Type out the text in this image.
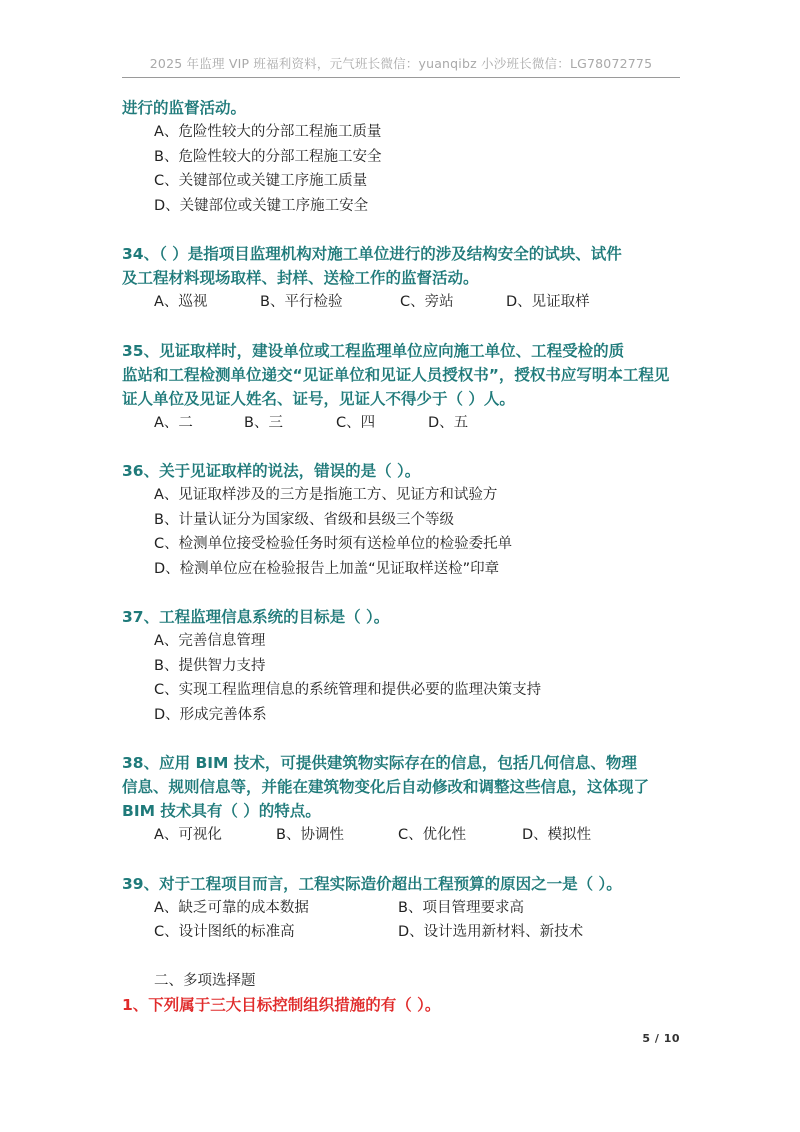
2025 年监理 VIP 班福利资料，元气班长微信：yuanqibz 小沙班长微信：LG78072775

进行的监督活动。

A、危险性较大的分部工程施工质量

B、危险性较大的分部工程施工安全

C、关键部位或关键工序施工质量

D、关键部位或关键工序施工安全

34、（ ）是指项目监理机构对施工单位进行的涉及结构安全的试块、试件

及工程材料现场取样、封样、送检工作的监督活动。

A、巡视	B、平行检验	C、旁站	D、见证取样

35、见证取样时，建设单位或工程监理单位应向施工单位、工程受检的质

监站和工程检测单位递交“见证单位和见证人员授权书”，授权书应写明本工程见

证人单位及见证人姓名、证号，见证人不得少于（ ）人。

A、二	B、三	C、四	D、五

36、关于见证取样的说法，错误的是（ ）。

A、见证取样涉及的三方是指施工方、见证方和试验方

B、计量认证分为国家级、省级和县级三个等级

C、检测单位接受检验任务时须有送检单位的检验委托单

D、检测单位应在检验报告上加盖“见证取样送检”印章

37、工程监理信息系统的目标是（ ）。

A、完善信息管理

B、提供智力支持

C、实现工程监理信息的系统管理和提供必要的监理决策支持

D、形成完善体系

38、应用 BIM 技术，可提供建筑物实际存在的信息，包括几何信息、物理

信息、规则信息等，并能在建筑物变化后自动修改和调整这些信息，这体现了

BIM 技术具有（ ）的特点。

A、可视化	B、协调性	C、优化性	D、模拟性

39、对于工程项目而言，工程实际造价超出工程预算的原因之一是（ ）。

A、缺乏可靠的成本数据	B、项目管理要求高
C、设计图纸的标准高	D、设计选用新材料、新技术

二、多项选择题

1、下列属于三大目标控制组织措施的有（ ）。

5 / 10
